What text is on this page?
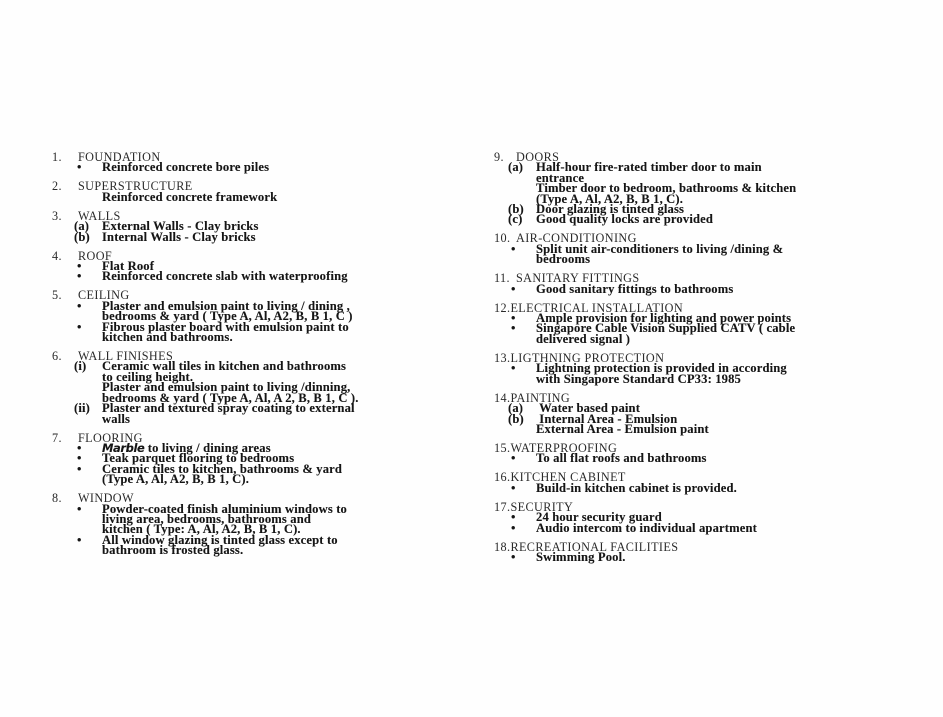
1.	FOUNDATION
•	Reinforced concrete bore piles
2.	SUPERSTRUCTURE
Reinforced concrete framework
3.	WALLS
(a)	External Walls - Clay bricks
(b) Internal Walls - Clay bricks
4.	ROOF
•	Flat Roof
•	Reinforced concrete slab with waterproofing
5.	CEILING
•	Plaster and emulsion paint to living / dining ,
bedrooms & yard ( Type A, Al, A2, B, B 1, C )
•	Fibrous plaster board with emulsion paint to
kitchen and bathrooms.
6.	WALL FINISHES
(i)	Ceramic wall tiles in kitchen and bathrooms
to ceiling height.
Plaster and emulsion paint to living /dinning,
bedrooms & yard ( Type A, Al, A 2, B, B 1, C ).
(ii) Plaster and textured spray coating to external
walls
7.	FLOORING
•	Marble
to living / dining areas
•	Teak parquet flooring to bedrooms
•	Ceramic tiles to kitchen, bathrooms & yard
(Type A, Al, A2, B, B 1, C).
8.	WINDOW
•	Powder-coated finish aluminium windows to
living area, bedrooms, bathrooms and
kitchen ( Type: A, Al, A2, B, B 1, C).
•	All window glazing is tinted glass except to
bathroom is frosted glass.
9. DOORS
(a)	Half-hour fire-rated timber door to main
entrance
Timber door to bedroom, bathrooms & kitchen
(Type A, Al, A2, B, B 1, C).
(b) Door glazing is tinted glass
(c)	Good quality locks are provided
10. AIR-CONDITIONING
•	Split unit air-conditioners to living /dining &
bedrooms
11. SANITARY FITTINGS
•	Good sanitary fittings to bathrooms
12. ELECTRICAL INSTALLATION
•	Ample provision for lighting and power points
•	Singapore Cable Vision Supplied CATV ( cable
delivered signal )
13. LIGTHNING PROTECTION
•	Lightning protection is provided in according
with Singapore Standard CP33: 1985
14. PAINTING
(a)	Water based paint
(b) Internal Area - Emulsion
External Area - Emulsion paint
15. WATERPROOFING
•	To all flat roofs and bathrooms
16. KITCHEN CABINET
•	Build-in kitchen cabinet is provided.
17. SECURITY
•	24 hour security guard
•	Audio intercom to individual apartment
18. RECREATIONAL FACILITIES
•	Swimming Pool.
